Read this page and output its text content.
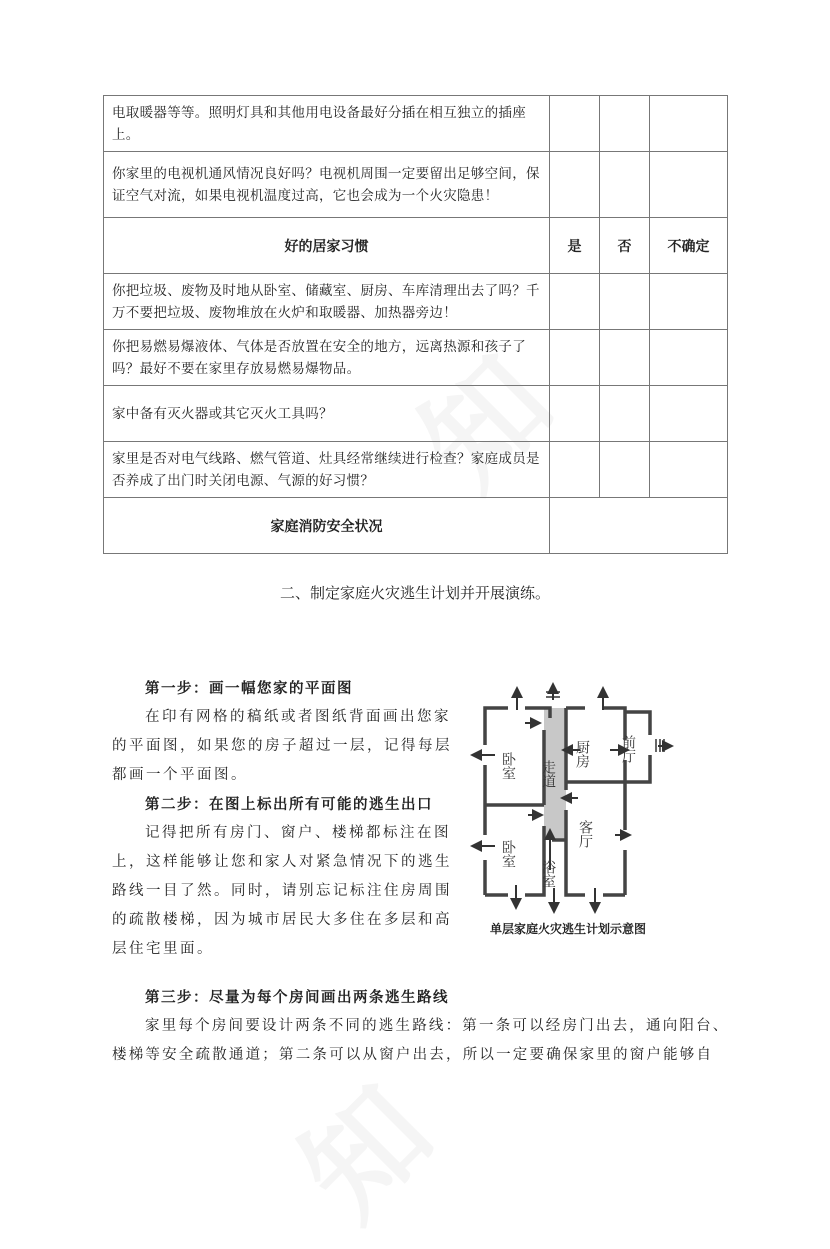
电取暖器等等。照明灯具和其他用电设备最好分插在相互独立的插座上。			
你家里的电视机通风情况良好吗？电视机周围一定要留出足够空间，保证空气对流，如果电视机温度过高，它也会成为一个火灾隐患！			
好的居家习惯	是	否	不确定
你把垃圾、废物及时地从卧室、储藏室、厨房、车库清理出去了吗？千万不要把垃圾、废物堆放在火炉和取暖器、加热器旁边！			
你把易燃易爆液体、气体是否放置在安全的地方，远离热源和孩子了吗？最好不要在家里存放易燃易爆物品。			
家中备有灭火器或其它灭火工具吗？			
家里是否对电气线路、燃气管道、灶具经常继续进行检查？家庭成员是否养成了出门时关闭电源、气源的好习惯？			
家庭消防安全状况			
二、制定家庭火灾逃生计划并开展演练。

第一步：画一幅您家的平面图

在印有网格的稿纸或者图纸背面画出您家的平面图，如果您的房子超过一层，记得每层都画一个平面图。

第二步：在图上标出所有可能的逃生出口

记得把所有房门、窗户、楼梯都标注在图上，这样能够让您和家人对紧急情况下的逃生路线一目了然。同时，请别忘记标注住房周围的疏散楼梯，因为城市居民大多住在多层和高层住宅里面。

第三步：尽量为每个房间画出两条逃生路线

家里每个房间要设计两条不同的逃生路线：第一条可以经房门出去，通向阳台、楼梯等安全疏散通道；第二条可以从窗户出去，所以一定要确保家里的窗户能够自

卧室 走道
厨房 前厅
卧室
客厅
浴室
单层家庭火灾逃生计划示意图
